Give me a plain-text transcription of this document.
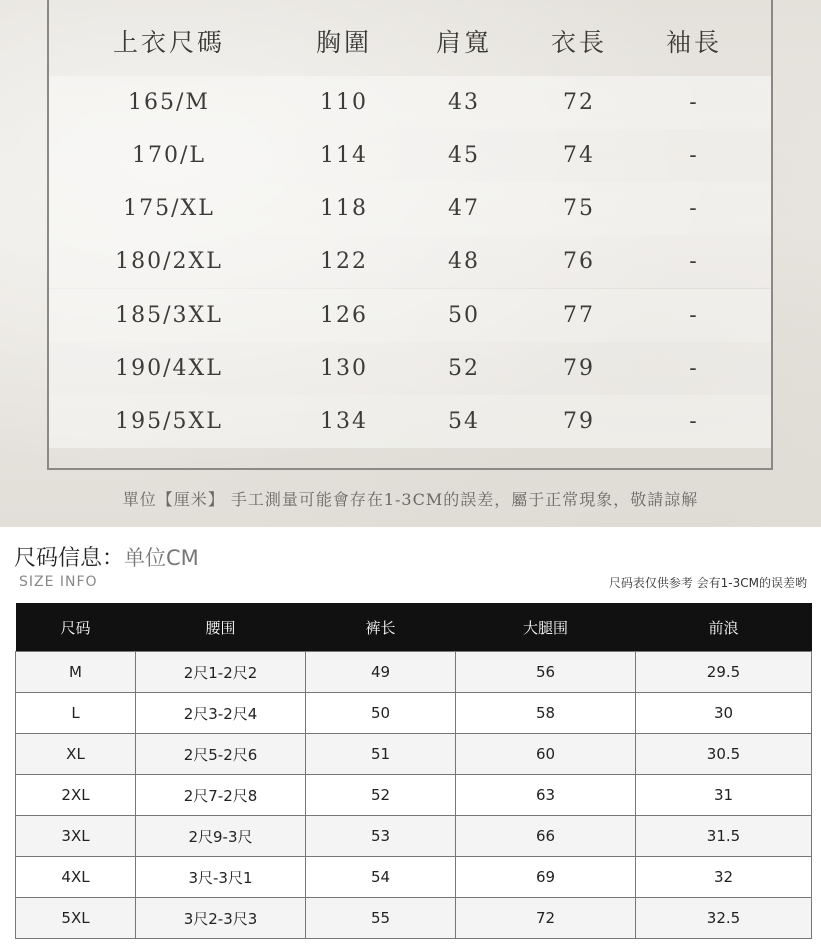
上衣尺碼	胸圍	肩寬	衣長	袖長
165/M	110	43	72	-
170/L	114	45	74	-
175/XL	118	47	75	-
180/2XL	122	48	76	-
185/3XL	126	50	77	-
190/4XL	130	52	79	-
195/5XL	134	54	79	-
單位【厘米】 手工測量可能會存在1-3CM的誤差，屬于正常現象，敬請諒解
尺码信息：单位CM
SIZE INFO	尺码表仅供参考 会有1-3CM的误差哟
尺码	腰围	裤长	大腿围	前浪
M	2尺1-2尺2	49	56	29.5
L	2尺3-2尺4	50	58	30
XL	2尺5-2尺6	51	60	30.5
2XL	2尺7-2尺8	52	63	31
3XL	2尺9-3尺	53	66	31.5
4XL	3尺-3尺1	54	69	32
5XL	3尺2-3尺3	55	72	32.5
